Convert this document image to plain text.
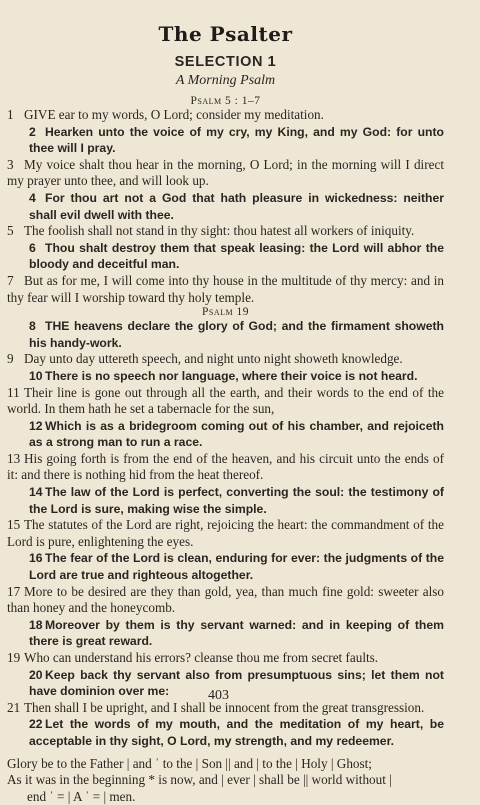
The Psalter
SELECTION 1
A Morning Psalm
Psalm 5 : 1–7
1 GIVE ear to my words, O Lord; consider my meditation.
2 Hearken unto the voice of my cry, my King, and my God: for unto thee will I pray.
3 My voice shalt thou hear in the morning, O Lord; in the morning will I direct my prayer unto thee, and will look up.
4 For thou art not a God that hath pleasure in wickedness: neither shall evil dwell with thee.
5 The foolish shall not stand in thy sight: thou hatest all workers of iniquity.
6 Thou shalt destroy them that speak leasing: the Lord will abhor the bloody and deceitful man.
7 But as for me, I will come into thy house in the multitude of thy mercy: and in thy fear will I worship toward thy holy temple.
Psalm 19
8 THE heavens declare the glory of God; and the firmament showeth his handy-work.
9 Day unto day uttereth speech, and night unto night showeth knowledge.
10 There is no speech nor language, where their voice is not heard.
11 Their line is gone out through all the earth, and their words to the end of the world. In them hath he set a tabernacle for the sun,
12 Which is as a bridegroom coming out of his chamber, and rejoiceth as a strong man to run a race.
13 His going forth is from the end of the heaven, and his circuit unto the ends of it: and there is nothing hid from the heat thereof.
14 The law of the Lord is perfect, converting the soul: the testimony of the Lord is sure, making wise the simple.
15 The statutes of the Lord are right, rejoicing the heart: the commandment of the Lord is pure, enlightening the eyes.
16 The fear of the Lord is clean, enduring for ever: the judgments of the Lord are true and righteous altogether.
17 More to be desired are they than gold, yea, than much fine gold: sweeter also than honey and the honeycomb.
18 Moreover by them is thy servant warned: and in keeping of them there is great reward.
19 Who can understand his errors? cleanse thou me from secret faults.
20 Keep back thy servant also from presumptuous sins; let them not have dominion over me:
21 Then shall I be upright, and I shall be innocent from the great transgression.
22 Let the words of my mouth, and the meditation of my heart, be acceptable in thy sight, O Lord, my strength, and my redeemer.
Glory be to the Father | and ˈ to the | Son || and | to the | Holy | Ghost;
As it was in the beginning * is now, and | ever | shall be || world without |
end ˈ = | A ˈ = | men.
403
